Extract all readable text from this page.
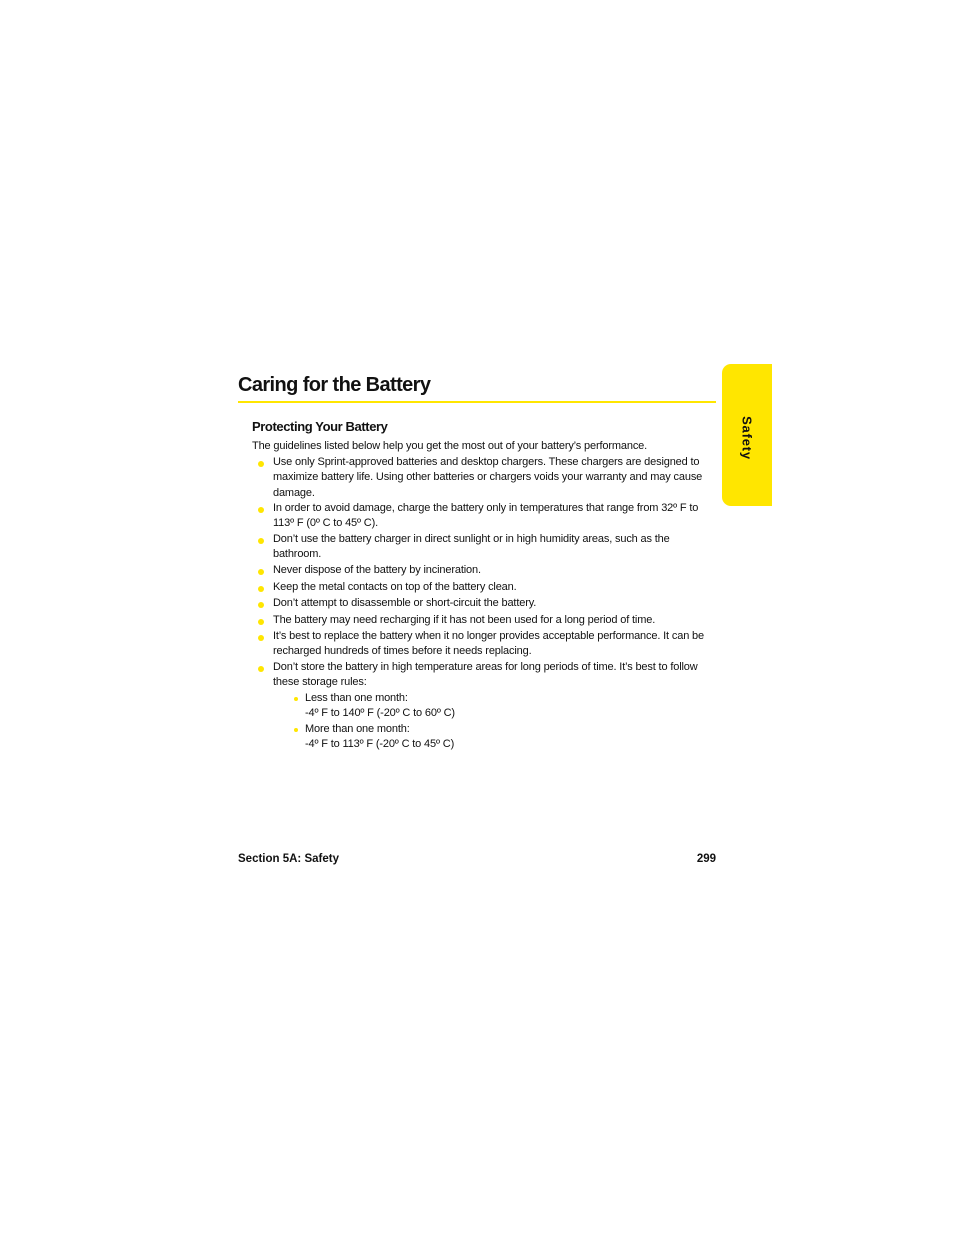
Caring for the Battery
Safety
Protecting Your Battery

The guidelines listed below help you get the most out of your battery’s performance.

Use only Sprint-approved batteries and desktop chargers. These chargers are designed to maximize battery life. Using other batteries or chargers voids your warranty and may cause damage.
In order to avoid damage, charge the battery only in temperatures that range from 32º F to 113º F (0º C to 45º C).
Don’t use the battery charger in direct sunlight or in high humidity areas, such as the bathroom.
Never dispose of the battery by incineration.
Keep the metal contacts on top of the battery clean.
Don’t attempt to disassemble or short-circuit the battery.
The battery may need recharging if it has not been used for a long period of time.
It’s best to replace the battery when it no longer provides acceptable performance. It can be recharged hundreds of times before it needs replacing.
Don’t store the battery in high temperature areas for long periods of time. It’s best to follow these storage rules:
Less than one month:
-4º F to 140º F (-20º C to 60º C)
More than one month:
-4º F to 113º F (-20º C to 45º C)
Section 5A: Safety	299
